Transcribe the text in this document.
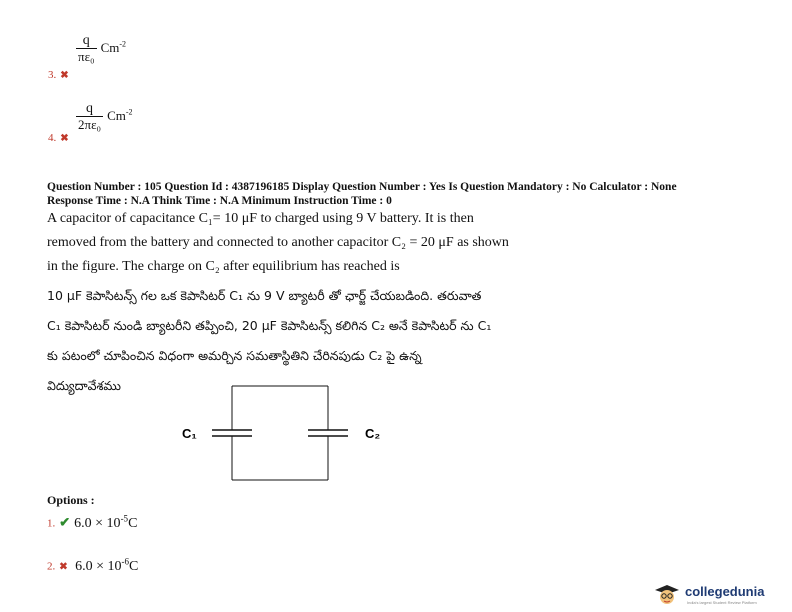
$\frac{q}{\text{πε₀}} Cm^{-2}$
3. ✖
$\frac{q}{\text{2πε₀}} Cm^{-2}$
4. ✖
Question Number : 105 Question Id : 4387196185 Display Question Number : Yes Is Question Mandatory : No Calculator : None
Response Time : N.A Think Time : N.A Minimum Instruction Time : 0
A capacitor of capacitance C₁= 10 μF to charged using 9 V battery. It is then
removed from the battery and connected to another capacitor C₂ = 20 μF as shown
in the figure. The charge on C₂ after equilibrium has reached is
10 μF కెపాసిటన్స్ గల ఒక కెపాసిటర్ C₁ ను 9 V బ్యాటరీ తో ఛార్జ్ చేయబడింది. తరువాత
C₁ కెపాసిటర్ నుండి బ్యాటరీని తప్పించి, 20 μF కెపాసిటన్స్ కలిగిన C₂ అనే కెపాసిటర్ ను C₁
కు పటంలో చూపించిన విధంగా అమర్చిన సమతాస్థితిని చేరినపుడు C₂ పై ఉన్న
విద్యుదావేశము
C₁	C₂
Options :
1. ✔ $6.0 \times 10^{-5}C$
2. ✖ $6.0 \times 10^{-6}C$
collegedunia
India's largest Student Review Platform
